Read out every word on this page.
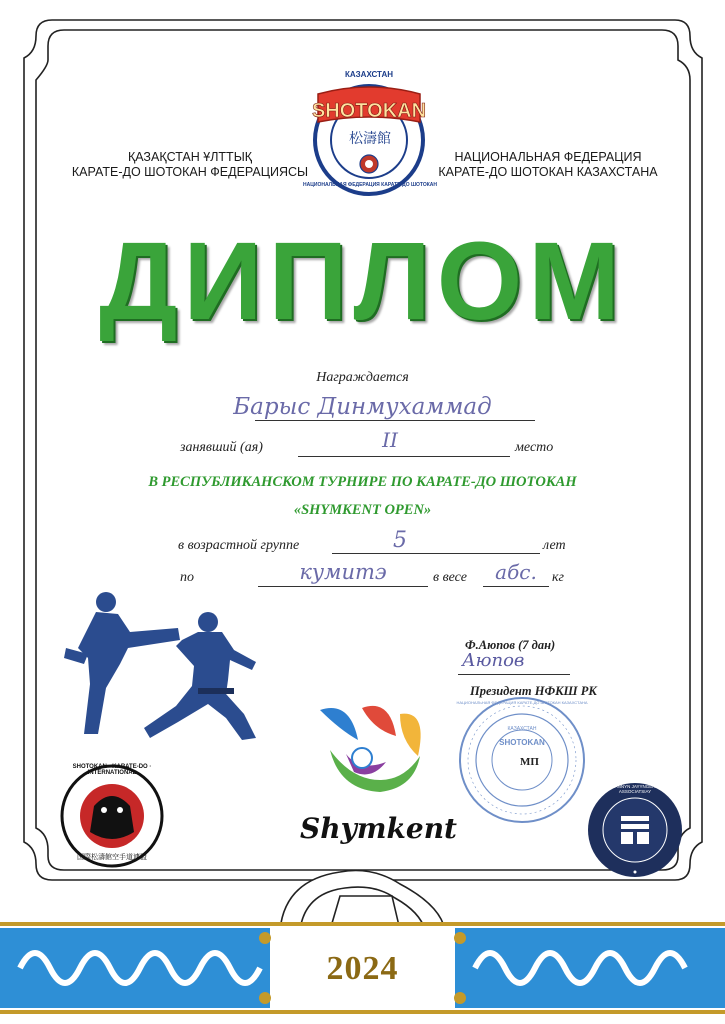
2024
SHOTOKAN
КАЗАХСТАН
松濤館
НАЦИОНАЛЬНАЯ ФЕДЕРАЦИЯ КАРАТЕ-ДО ШОТОКАН
ҚАЗАҚСТАН ҰЛТТЫҚ
КАРАТЕ-ДО ШОТОКАН ФЕДЕРАЦИЯСЫ
НАЦИОНАЛЬНАЯ ФЕДЕРАЦИЯ
КАРАТЕ-ДО ШОТОКАН КАЗАХСТАНА
ДИПЛОМ
Награждается
Барыс Динмухаммад
занявший (ая)	II	место
В РЕСПУБЛИКАНСКОМ ТУРНИРЕ ПО КАРАТЕ-ДО ШОТОКАН
«SHYMKENT OPEN»
в возрастной группе	5	лет
по	кумитэ	в весе	абс.	кг
Ф.Аюпов (7 дан)
Аюпов
Президент НФКШ РК
SHOTOKAN
КАЗАХСТАН
НАЦИОНАЛЬНАЯ ФЕДЕРАЦИЯ КАРАТЕ-ДО ШОТОКАН КАЗАХСТАНА
МП
SHOTOKAN · KARATE-DO · INTERNATIONAL
国際松濤館空手道連盟
Shymkent
QAZAQSTANNYN JAYYNGERLIK ONER ASSOCIATSIAY
